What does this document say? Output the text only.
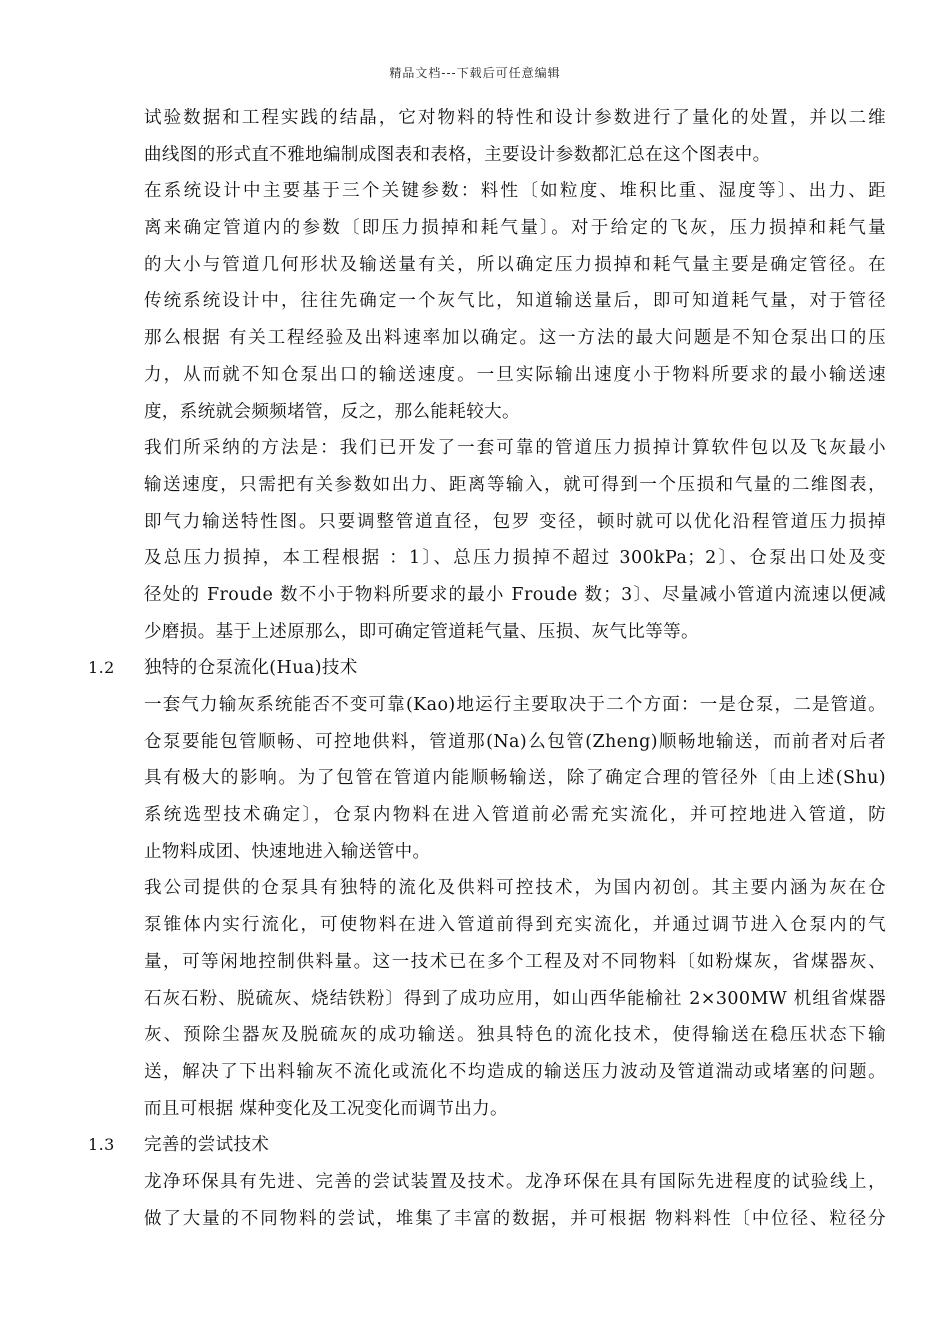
精品文档---下载后可任意编辑
试验数据和工程实践的结晶，它对物料的特性和设计参数进行了量化的处置，并以二维
曲线图的形式直不雅地编制成图表和表格，主要设计参数都汇总在这个图表中。
在系统设计中主要基于三个关键参数：料性〔如粒度、堆积比重、湿度等〕、出力、距
离来确定管道内的参数〔即压力损掉和耗气量〕。对于给定的飞灰，压力损掉和耗气量
的大小与管道几何形状及输送量有关，所以确定压力损掉和耗气量主要是确定管径。在
传统系统设计中，往往先确定一个灰气比，知道输送量后，即可知道耗气量，对于管径
那么根据 有关工程经验及出料速率加以确定。这一方法的最大问题是不知仓泵出口的压
力，从而就不知仓泵出口的输送速度。一旦实际输出速度小于物料所要求的最小输送速
度，系统就会频频堵管，反之，那么能耗较大。
我们所采纳的方法是：我们已开发了一套可靠的管道压力损掉计算软件包以及飞灰最小
输送速度，只需把有关参数如出力、距离等输入，就可得到一个压损和气量的二维图表，
即气力输送特性图。只要调整管道直径，包罗 变径，顿时就可以优化沿程管道压力损掉
及总压力损掉，本工程根据 ：1〕、总压力损掉不超过 300kPa；2〕、仓泵出口处及变
径处的 Froude 数不小于物料所要求的最小 Froude 数；3〕、尽量减小管道内流速以便减
少磨损。基于上述原那么，即可确定管道耗气量、压损、灰气比等等。
1.2 独特的仓泵流化(Hua)技术
一套气力输灰系统能否不变可靠(Kao)地运行主要取决于二个方面：一是仓泵，二是管道。
仓泵要能包管顺畅、可控地供料，管道那(Na)么包管(Zheng)顺畅地输送，而前者对后者
具有极大的影响。为了包管在管道内能顺畅输送，除了确定合理的管径外〔由上述(Shu)
系统选型技术确定〕，仓泵内物料在进入管道前必需充实流化，并可控地进入管道，防
止物料成团、快速地进入输送管中。
我公司提供的仓泵具有独特的流化及供料可控技术，为国内初创。其主要内涵为灰在仓
泵锥体内实行流化，可使物料在进入管道前得到充实流化，并通过调节进入仓泵内的气
量，可等闲地控制供料量。这一技术已在多个工程及对不同物料〔如粉煤灰，省煤器灰、
石灰石粉、脱硫灰、烧结铁粉〕得到了成功应用，如山西华能榆社 2×300MW 机组省煤器
灰、预除尘器灰及脱硫灰的成功输送。独具特色的流化技术，使得输送在稳压状态下输
送，解决了下出料输灰不流化或流化不均造成的输送压力波动及管道湍动或堵塞的问题。
而且可根据 煤种变化及工况变化而调节出力。
1.3 完善的尝试技术
龙净环保具有先进、完善的尝试装置及技术。龙净环保在具有国际先进程度的试验线上，
做了大量的不同物料的尝试，堆集了丰富的数据，并可根据 物料料性〔中位径、粒径分
